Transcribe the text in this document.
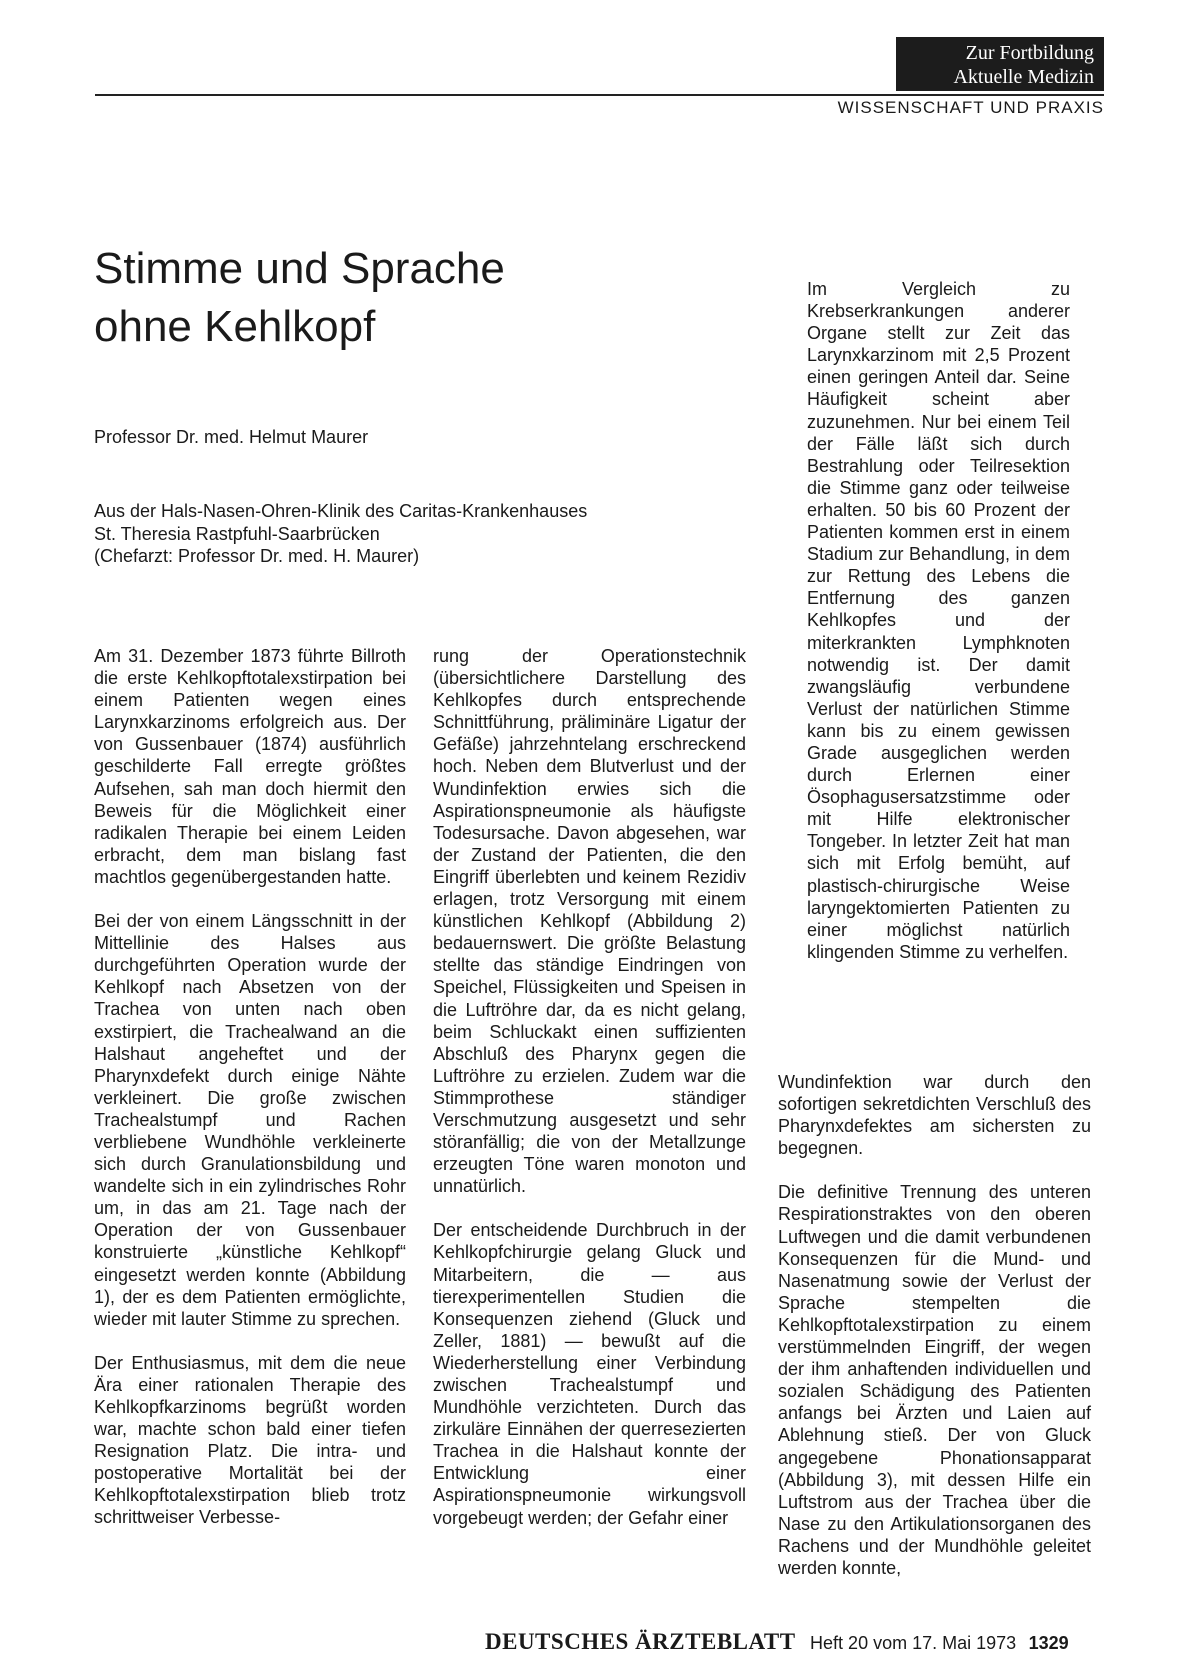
Zur Fortbildung
Aktuelle Medizin
WISSENSCHAFT UND PRAXIS
Stimme und Sprache
ohne Kehlkopf
Professor Dr. med. Helmut Maurer
Aus der Hals-Nasen-Ohren-Klinik des Caritas-Krankenhauses
St. Theresia Rastpfuhl-Saarbrücken
(Chefarzt: Professor Dr. med. H. Maurer)

Im Vergleich zu Krebserkrankungen anderer Organe stellt zur Zeit das Larynxkarzinom mit 2,5 Prozent einen geringen Anteil dar. Seine Häufigkeit scheint aber zuzunehmen. Nur bei einem Teil der Fälle läßt sich durch Bestrahlung oder Teilresektion die Stimme ganz oder teilweise erhalten. 50 bis 60 Prozent der Patienten kommen erst in einem Stadium zur Behandlung, in dem zur Rettung des Lebens die Entfernung des ganzen Kehlkopfes und der miterkrankten Lymphknoten notwendig ist. Der damit zwangsläufig verbundene Verlust der natürlichen Stimme kann bis zu einem gewissen Grade ausgeglichen werden durch Erlernen einer Ösophagusersatzstimme oder mit Hilfe elektronischer Tongeber. In letzter Zeit hat man sich mit Erfolg bemüht, auf plastisch-chirurgische Weise laryngektomierten Patienten zu einer möglichst natürlich klingenden Stimme zu verhelfen.

Am 31. Dezember 1873 führte Billroth die erste Kehlkopftotalexstirpation bei einem Patienten wegen eines Larynxkarzinoms erfolgreich aus. Der von Gussenbauer (1874) ausführlich geschilderte Fall erregte größtes Aufsehen, sah man doch hiermit den Beweis für die Möglichkeit einer radikalen Therapie bei einem Leiden erbracht, dem man bislang fast machtlos gegenübergestanden hatte.

Bei der von einem Längsschnitt in der Mittellinie des Halses aus durchgeführten Operation wurde der Kehlkopf nach Absetzen von der Trachea von unten nach oben exstirpiert, die Trachealwand an die Halshaut angeheftet und der Pharynxdefekt durch einige Nähte verkleinert. Die große zwischen Trachealstumpf und Rachen verbliebene Wundhöhle verkleinerte sich durch Granulationsbildung und wandelte sich in ein zylindrisches Rohr um, in das am 21. Tage nach der Operation der von Gussenbauer konstruierte „künstliche Kehlkopf“ eingesetzt werden konnte (Abbildung 1), der es dem Patienten ermöglichte, wieder mit lauter Stimme zu sprechen.

Der Enthusiasmus, mit dem die neue Ära einer rationalen Therapie des Kehlkopfkarzinoms begrüßt worden war, machte schon bald einer tiefen Resignation Platz. Die intra- und postoperative Mortalität bei der Kehlkopftotalexstirpation blieb trotz schrittweiser Verbesse-

rung der Operationstechnik (übersichtlichere Darstellung des Kehlkopfes durch entsprechende Schnittführung, präliminäre Ligatur der Gefäße) jahrzehntelang erschreckend hoch. Neben dem Blutverlust und der Wundinfektion erwies sich die Aspirationspneumonie als häufigste Todesursache. Davon abgesehen, war der Zustand der Patienten, die den Eingriff überlebten und keinem Rezidiv erlagen, trotz Versorgung mit einem künstlichen Kehlkopf (Abbildung 2) bedauernswert. Die größte Belastung stellte das ständige Eindringen von Speichel, Flüssigkeiten und Speisen in die Luftröhre dar, da es nicht gelang, beim Schluckakt einen suffizienten Abschluß des Pharynx gegen die Luftröhre zu erzielen. Zudem war die Stimmprothese ständiger Verschmutzung ausgesetzt und sehr störanfällig; die von der Metallzunge erzeugten Töne waren monoton und unnatürlich.

Der entscheidende Durchbruch in der Kehlkopfchirurgie gelang Gluck und Mitarbeitern, die — aus tierexperimentellen Studien die Konsequenzen ziehend (Gluck und Zeller, 1881) — bewußt auf die Wiederherstellung einer Verbindung zwischen Trachealstumpf und Mundhöhle verzichteten. Durch das zirkuläre Einnähen der querresezierten Trachea in die Halshaut konnte der Entwicklung einer Aspirationspneumonie wirkungsvoll vorgebeugt werden; der Gefahr einer

Wundinfektion war durch den sofortigen sekretdichten Verschluß des Pharynxdefektes am sichersten zu begegnen.

Die definitive Trennung des unteren Respirationstraktes von den oberen Luftwegen und die damit verbundenen Konsequenzen für die Mund- und Nasenatmung sowie der Verlust der Sprache stempelten die Kehlkopftotalexstirpation zu einem verstümmelnden Eingriff, der wegen der ihm anhaftenden individuellen und sozialen Schädigung des Patienten anfangs bei Ärzten und Laien auf Ablehnung stieß. Der von Gluck angegebene Phonationsapparat (Abbildung 3), mit dessen Hilfe ein Luftstrom aus der Trachea über die Nase zu den Artikulationsorganen des Rachens und der Mundhöhle geleitet werden konnte,

DEUTSCHES ÄRZTEBLATT Heft 20 vom 17. Mai 1973 1329
